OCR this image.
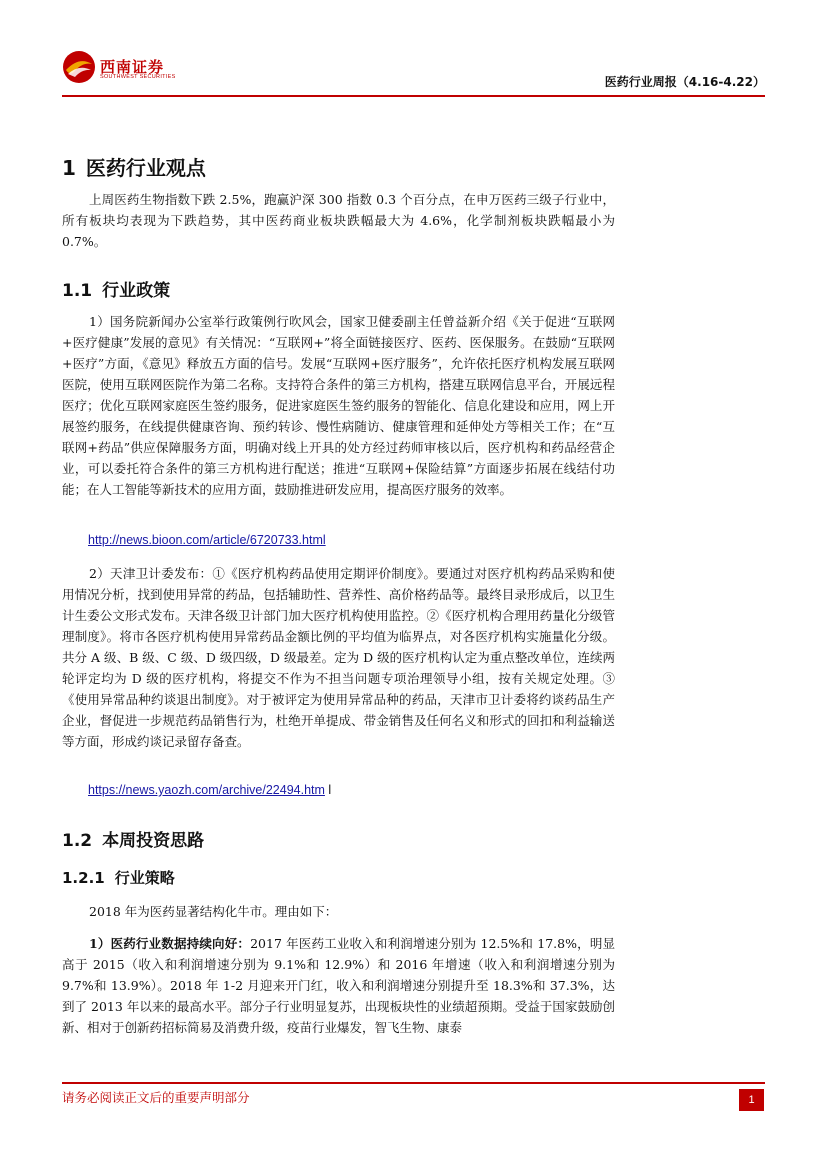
西南证券
SOUTHWEST SECURITIES	医药行业周报（4.16-4.22）
1 医药行业观点

上周医药生物指数下跌 2.5%，跑赢沪深 300 指数 0.3 个百分点，在申万医药三级子行业中，所有板块均表现为下跌趋势，其中医药商业板块跌幅最大为 4.6%，化学制剂板块跌幅最小为 0.7%。

1.1 行业政策

1）国务院新闻办公室举行政策例行吹风会，国家卫健委副主任曾益新介绍《关于促进“互联网+医疗健康”发展的意见》有关情况：“互联网+”将全面链接医疗、医药、医保服务。在鼓励“互联网+医疗”方面，《意见》释放五方面的信号。发展“互联网+医疗服务”，允许依托医疗机构发展互联网医院，使用互联网医院作为第二名称。支持符合条件的第三方机构，搭建互联网信息平台，开展远程医疗；优化互联网家庭医生签约服务，促进家庭医生签约服务的智能化、信息化建设和应用，网上开展签约服务，在线提供健康咨询、预约转诊、慢性病随访、健康管理和延伸处方等相关工作；在“互联网+药品”供应保障服务方面，明确对线上开具的处方经过药师审核以后，医疗机构和药品经营企业，可以委托符合条件的第三方机构进行配送；推进“互联网+保险结算”方面逐步拓展在线结付功能；在人工智能等新技术的应用方面，鼓励推进研发应用，提高医疗服务的效率。

http://news.bioon.com/article/6720733.html

2）天津卫计委发布：①《医疗机构药品使用定期评价制度》。要通过对医疗机构药品采购和使用情况分析，找到使用异常的药品，包括辅助性、营养性、高价格药品等。最终目录形成后，以卫生计生委公文形式发布。天津各级卫计部门加大医疗机构使用监控。②《医疗机构合理用药量化分级管理制度》。将市各医疗机构使用异常药品金额比例的平均值为临界点，对各医疗机构实施量化分级。共分 A 级、B 级、C 级、D 级四级，D 级最差。定为 D 级的医疗机构认定为重点整改单位，连续两轮评定均为 D 级的医疗机构，将提交不作为不担当问题专项治理领导小组，按有关规定处理。③《使用异常品种约谈退出制度》。对于被评定为使用异常品种的药品，天津市卫计委将约谈药品生产企业，督促进一步规范药品销售行为，杜绝开单提成、带金销售及任何名义和形式的回扣和利益输送等方面，形成约谈记录留存备查。

https://news.yaozh.com/archive/22494.htm l

1.2 本周投资思路
1.2.1 行业策略

2018 年为医药显著结构化牛市。理由如下：

1）医药行业数据持续向好：2017 年医药工业收入和利润增速分别为 12.5%和 17.8%，明显高于 2015（收入和利润增速分别为 9.1%和 12.9%）和 2016 年增速（收入和利润增速分别为 9.7%和 13.9%）。2018 年 1-2 月迎来开门红，收入和利润增速分别提升至 18.3%和 37.3%，达到了 2013 年以来的最高水平。部分子行业明显复苏，出现板块性的业绩超预期。受益于国家鼓励创新、相对于创新药招标简易及消费升级，疫苗行业爆发，智飞生物、康泰

请务必阅读正文后的重要声明部分	1
